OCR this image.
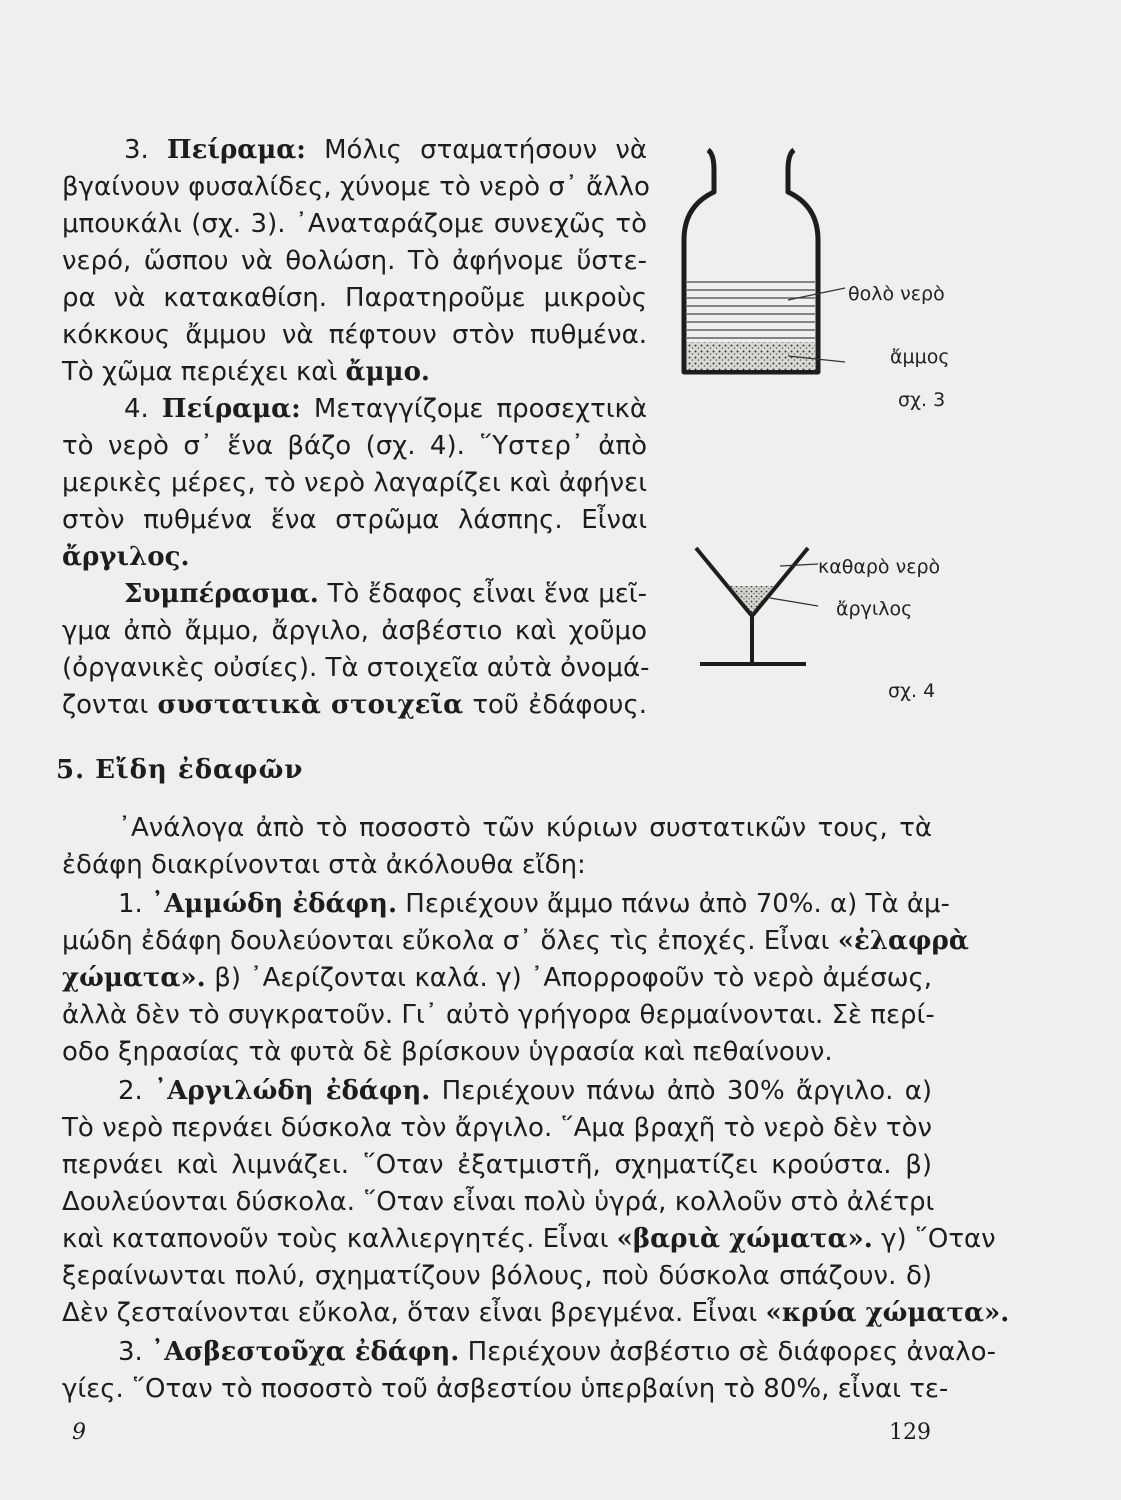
3. Πείραμα: Μόλις σταματήσουν νὰ
βγαίνουν φυσαλίδες, χύνομε τὸ νερὸ σ᾽ ἄλλο
μπουκάλι (σχ. 3). ᾽Αναταράζομε συνεχῶς τὸ
νερό, ὥσπου νὰ θολώση. Τὸ ἀφήνομε ὕστε-
ρα νὰ κατακαθίση. Παρατηροῦμε μικροὺς
κόκκους ἄμμου νὰ πέφτουν στὸν πυθμένα.
Τὸ χῶμα περιέχει καὶ ἄμμο.
4. Πείραμα: Μεταγγίζομε προσεχτικὰ
τὸ νερὸ σ᾽ ἕνα βάζο (σχ. 4). ῞Υστερ᾽ ἀπὸ
μερικὲς μέρες, τὸ νερὸ λαγαρίζει καὶ ἀφήνει
στὸν πυθμένα ἕνα στρῶμα λάσπης. Εἶναι
ἄργιλος.
Συμπέρασμα. Τὸ ἔδαφος εἶναι ἕνα μεῖ-
γμα ἀπὸ ἄμμο, ἄργιλο, ἀσβέστιο καὶ χοῦμο
(ὀργανικὲς οὐσίες). Τὰ στοιχεῖα αὐτὰ ὀνομά-
ζονται συστατικὰ στοιχεῖα τοῦ ἐδάφους.
θολὸ νερὸ
ἄμμος
σχ. 3
καθαρὸ νερὸ
ἄργιλος
σχ. 4
5. Εἴδη ἐδαφῶν
᾽Ανάλογα ἀπὸ τὸ ποσοστὸ τῶν κύριων συστατικῶν τους, τὰ
ἐδάφη διακρίνονται στὰ ἀκόλουθα εἴδη:
1. ᾽Αμμώδη ἐδάφη. Περιέχουν ἄμμο πάνω ἀπὸ 70%. α) Τὰ ἀμ-
μώδη ἐδάφη δουλεύονται εὔκολα σ᾽ ὅλες τὶς ἐποχές. Εἶναι «ἐλαφρὰ
χώματα». β) ᾽Αερίζονται καλά. γ) ᾽Απορροφοῦν τὸ νερὸ ἀμέσως,
ἀλλὰ δὲν τὸ συγκρατοῦν. Γι᾽ αὐτὸ γρήγορα θερμαίνονται. Σὲ περί-
οδο ξηρασίας τὰ φυτὰ δὲ βρίσκουν ὑγρασία καὶ πεθαίνουν.
2. ᾽Αργιλώδη ἐδάφη. Περιέχουν πάνω ἀπὸ 30% ἄργιλο. α)
Τὸ νερὸ περνάει δύσκολα τὸν ἄργιλο. ῞Αμα βραχῆ τὸ νερὸ δὲν τὸν
περνάει καὶ λιμνάζει. ῞Οταν ἐξατμιστῆ, σχηματίζει κρούστα. β)
Δουλεύονται δύσκολα. ῞Οταν εἶναι πολὺ ὑγρά, κολλοῦν στὸ ἀλέτρι
καὶ καταπονοῦν τοὺς καλλιεργητές. Εἶναι «βαριὰ χώματα». γ) ῞Οταν
ξεραίνωνται πολύ, σχηματίζουν βόλους, ποὺ δύσκολα σπάζουν. δ)
Δὲν ζεσταίνονται εὔκολα, ὅταν εἶναι βρεγμένα. Εἶναι «κρύα χώματα».
3. ᾽Ασβεστοῦχα ἐδάφη. Περιέχουν ἀσβέστιο σὲ διάφορες ἀναλο-
γίες. ῞Οταν τὸ ποσοστὸ τοῦ ἀσβεστίου ὑπερβαίνη τὸ 80%, εἶναι τε-
9	129
